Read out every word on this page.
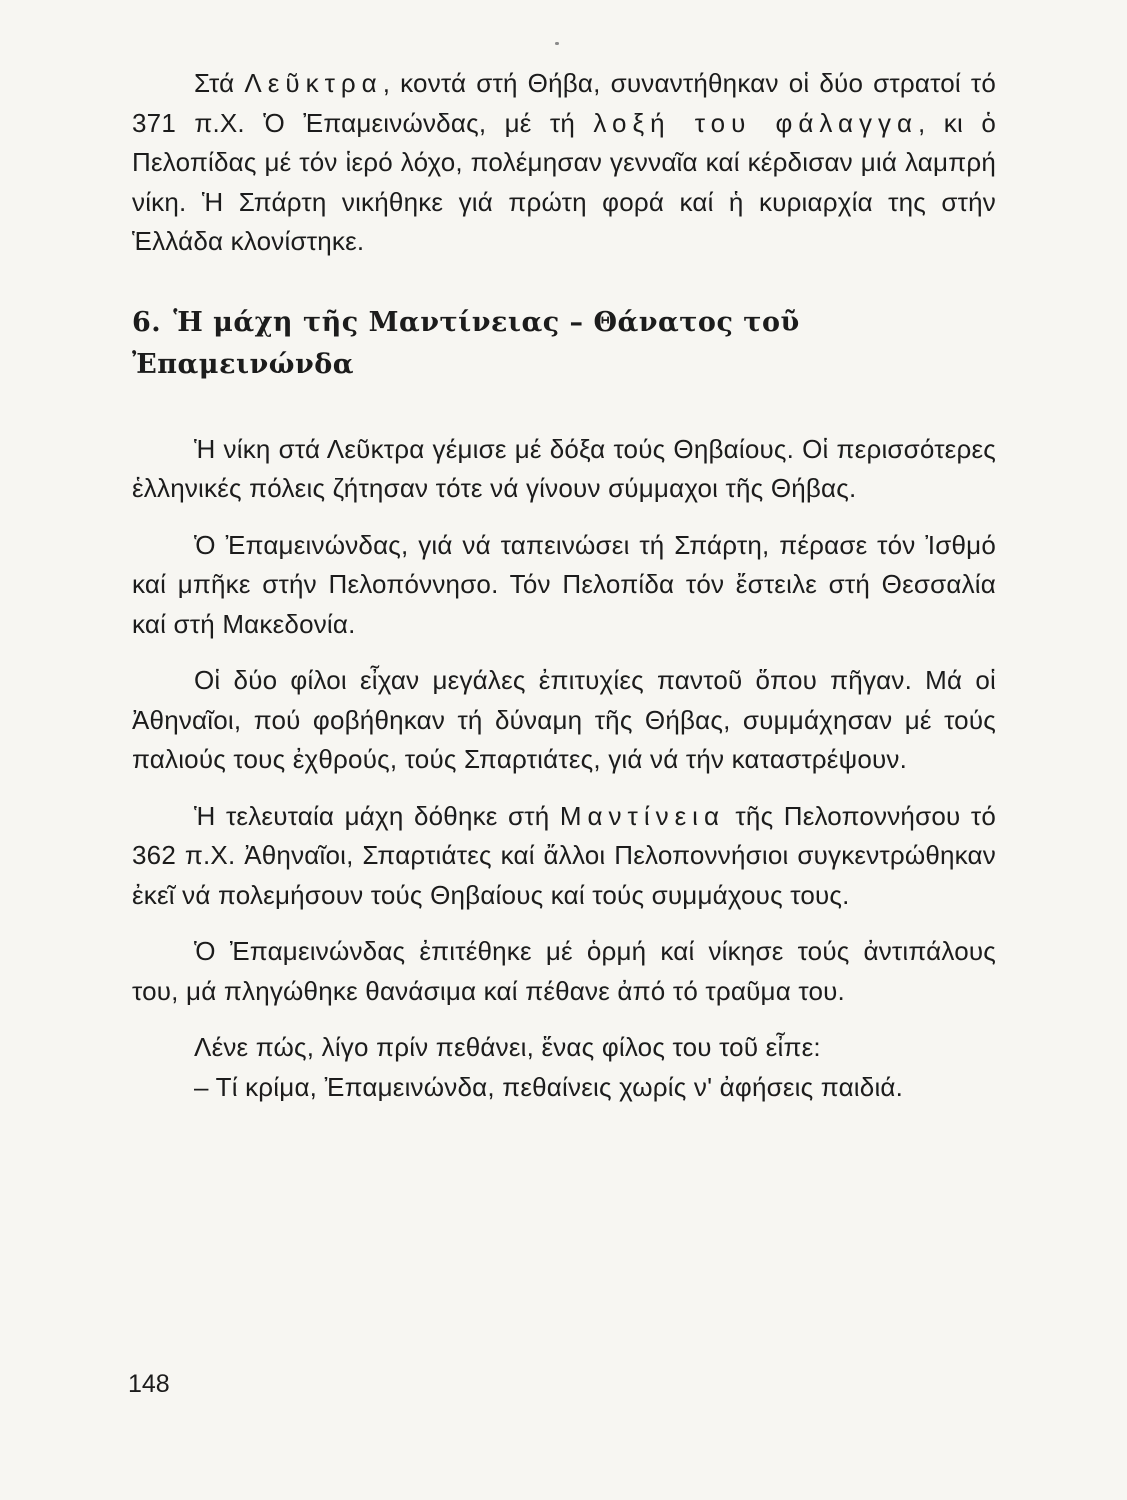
Στά Λεῦκτρα, κοντά στή Θήβα, συναντήθηκαν οἱ δύο στρατοί τό 371 π.Χ. Ὁ Ἐπαμεινώνδας, μέ τή λοξή του φάλαγγα, κι ὁ Πελοπίδας μέ τόν ἱερό λόχο, πολέμησαν γενναῖα καί κέρδισαν μιά λαμπρή νίκη. Ἡ Σπάρτη νικήθηκε γιά πρώτη φορά καί ἡ κυριαρχία της στήν Ἑλλάδα κλονίστηκε.

6. Ἡ μάχη τῆς Μαντίνειας – Θάνατος τοῦ Ἐπαμεινώνδα

Ἡ νίκη στά Λεῦκτρα γέμισε μέ δόξα τούς Θηβαίους. Οἱ περισσότερες ἑλληνικές πόλεις ζήτησαν τότε νά γίνουν σύμμαχοι τῆς Θήβας.

Ὁ Ἐπαμεινώνδας, γιά νά ταπεινώσει τή Σπάρτη, πέρασε τόν Ἰσθμό καί μπῆκε στήν Πελοπόννησο. Τόν Πελοπίδα τόν ἔστειλε στή Θεσσαλία καί στή Μακεδονία.

Οἱ δύο φίλοι εἶχαν μεγάλες ἐπιτυχίες παντοῦ ὅπου πῆγαν. Μά οἱ Ἀθηναῖοι, πού φοβήθηκαν τή δύναμη τῆς Θήβας, συμμάχησαν μέ τούς παλιούς τους ἐχθρούς, τούς Σπαρτιάτες, γιά νά τήν καταστρέψουν.

Ἡ τελευταία μάχη δόθηκε στή Μαντίνεια τῆς Πελοποννήσου τό 362 π.Χ. Ἀθηναῖοι, Σπαρτιάτες καί ἄλλοι Πελοποννήσιοι συγκεντρώθηκαν ἐκεῖ νά πολεμήσουν τούς Θηβαίους καί τούς συμμάχους τους.

Ὁ Ἐπαμεινώνδας ἐπιτέθηκε μέ ὁρμή καί νίκησε τούς ἀντιπάλους του, μά πληγώθηκε θανάσιμα καί πέθανε ἀπό τό τραῦμα του.

Λένε πώς, λίγο πρίν πεθάνει, ἕνας φίλος του τοῦ εἶπε:

– Τί κρίμα, Ἐπαμεινώνδα, πεθαίνεις χωρίς ν' ἀφήσεις παιδιά.

148
